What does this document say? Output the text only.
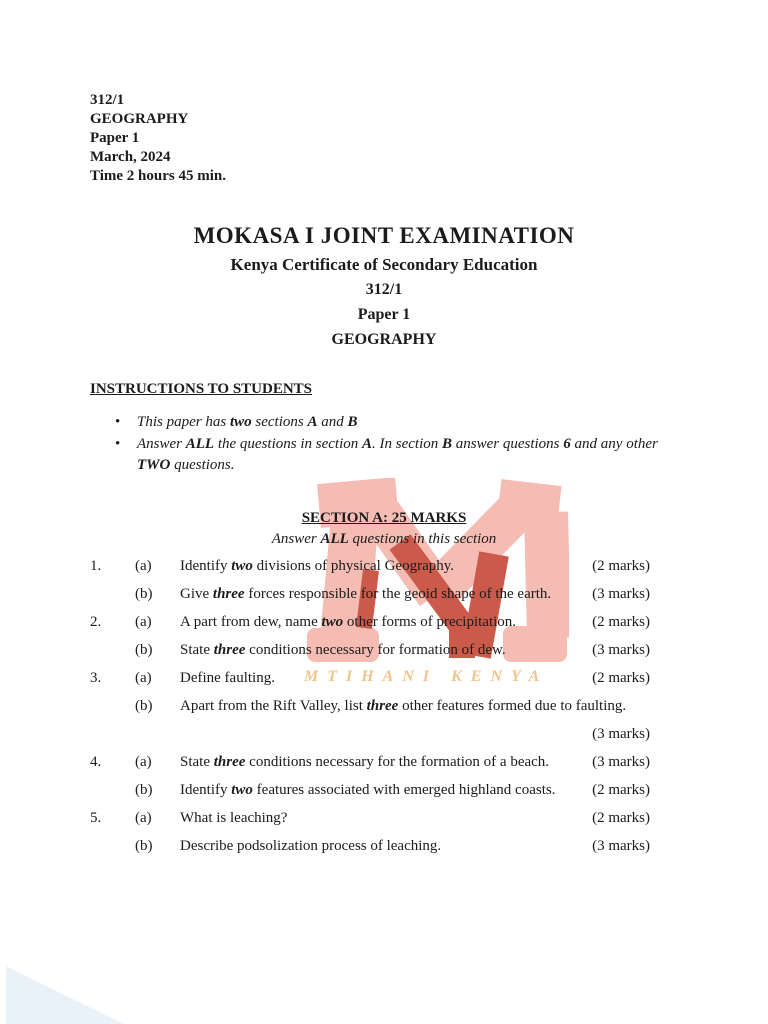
MTIHANI KENYA
312/1
GEOGRAPHY
Paper 1
March, 2024
Time 2 hours 45 min.
MOKASA I JOINT EXAMINATION
Kenya Certificate of Secondary Education
312/1
Paper 1
GEOGRAPHY
INSTRUCTIONS TO STUDENTS
•	This paper has two sections A and B
•	Answer ALL the questions in section A. In section B answer questions 6 and any other TWO questions.
SECTION A: 25 MARKS
Answer ALL questions in this section
1.	(a)	Identify two divisions of physical Geography.	(2 marks)
(b)	Give three forces responsible for the geoid shape of the earth.	(3 marks)
2.	(a)	A part from dew, name two other forms of precipitation.	(2 marks)
(b)	State three conditions necessary for formation of dew.	(3 marks)
3.	(a)	Define faulting.	(2 marks)
(b)	Apart from the Rift Valley, list three other features formed due to faulting.
(3 marks)
4.	(a)	State three conditions necessary for the formation of a beach.	(3 marks)
(b)	Identify two features associated with emerged highland coasts.	(2 marks)
5.	(a)	What is leaching?	(2 marks)
(b)	Describe podsolization process of leaching.	(3 marks)
